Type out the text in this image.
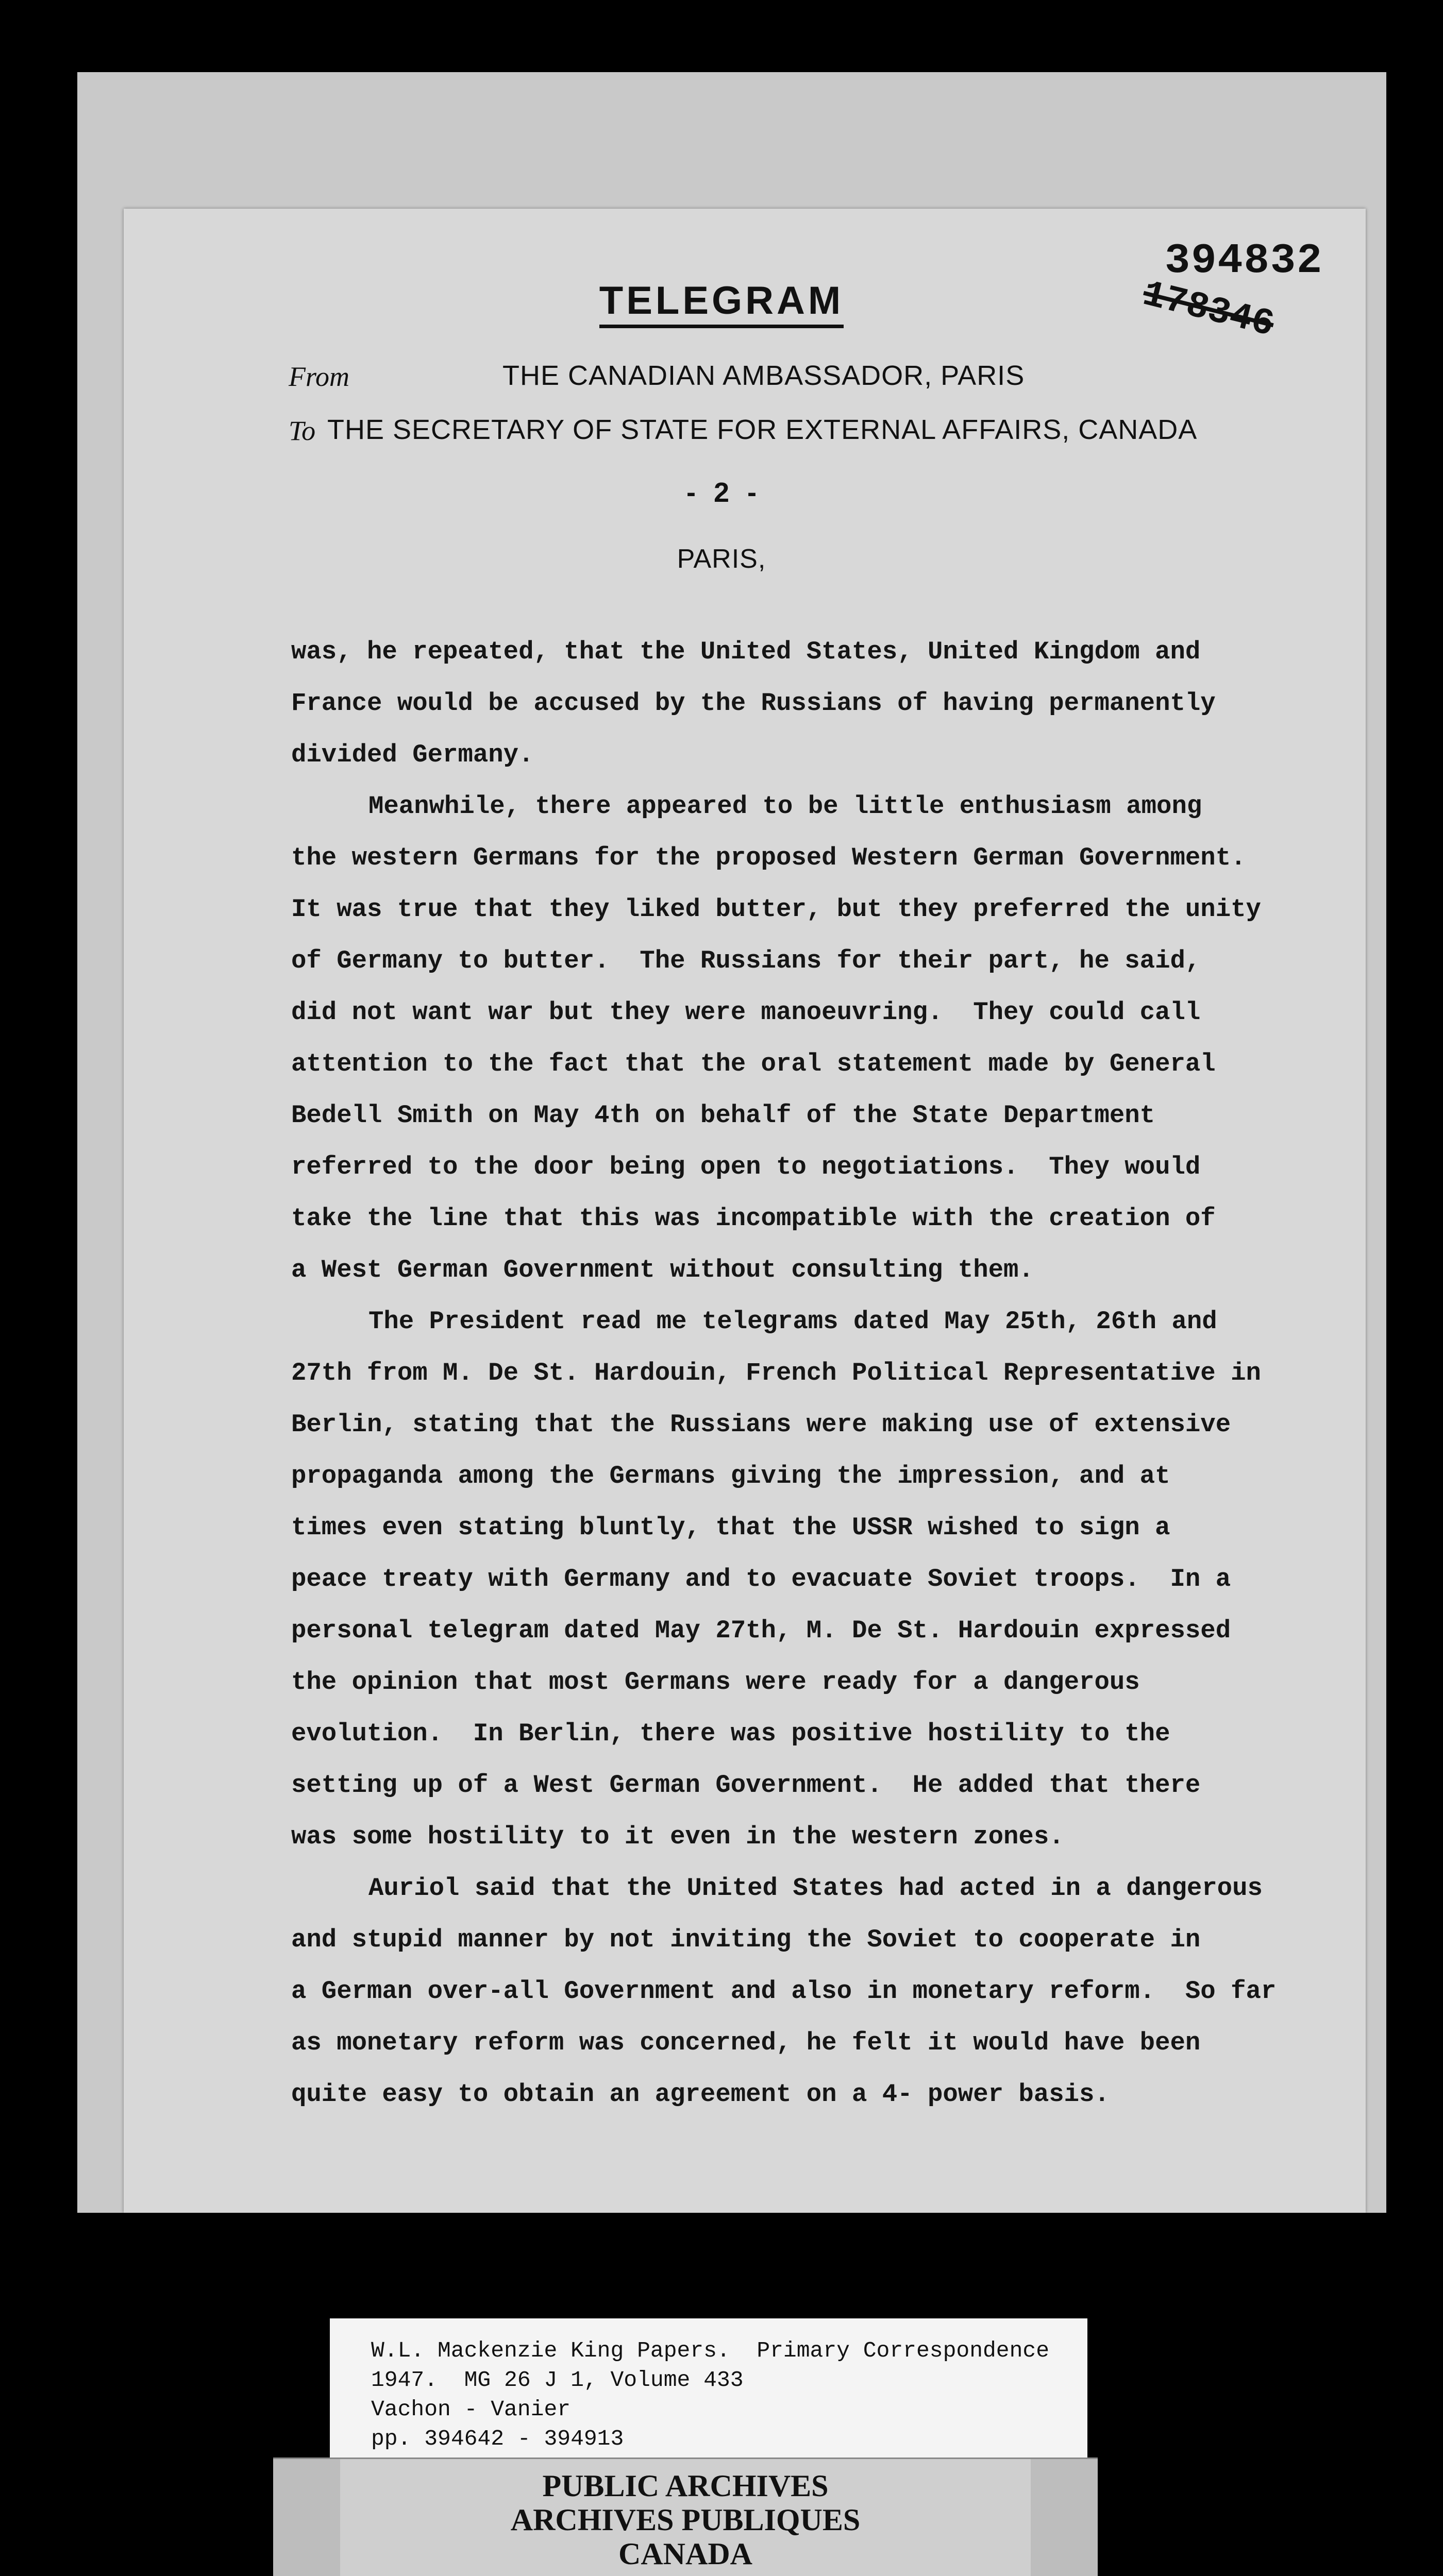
TELEGRAM
394832
178346
From	THE CANADIAN AMBASSADOR, PARIS
To THE SECRETARY OF STATE FOR EXTERNAL AFFAIRS, CANADA
- 2 -
PARIS,
was, he repeated, that the United States, United Kingdom and
France would be accused by the Russians of having permanently
divided Germany.
Meanwhile, there appeared to be little enthusiasm among
the western Germans for the proposed Western German Government.
It was true that they liked butter, but they preferred the unity
of Germany to butter.  The Russians for their part, he said,
did not want war but they were manoeuvring.  They could call
attention to the fact that the oral statement made by General
Bedell Smith on May 4th on behalf of the State Department
referred to the door being open to negotiations.  They would
take the line that this was incompatible with the creation of
a West German Government without consulting them.
The President read me telegrams dated May 25th, 26th and
27th from M. De St. Hardouin, French Political Representative in
Berlin, stating that the Russians were making use of extensive
propaganda among the Germans giving the impression, and at
times even stating bluntly, that the USSR wished to sign a
peace treaty with Germany and to evacuate Soviet troops.  In a
personal telegram dated May 27th, M. De St. Hardouin expressed
the opinion that most Germans were ready for a dangerous
evolution.  In Berlin, there was positive hostility to the
setting up of a West German Government.  He added that there
was some hostility to it even in the western zones.
Auriol said that the United States had acted in a dangerous
and stupid manner by not inviting the Soviet to cooperate in
a German over-all Government and also in monetary reform.  So far
as monetary reform was concerned, he felt it would have been
quite easy to obtain an agreement on a 4- power basis.
W.L. Mackenzie King Papers.  Primary Correspondence
1947.  MG 26 J 1, Volume 433
Vachon - Vanier
pp. 394642 - 394913
PUBLIC ARCHIVES
ARCHIVES PUBLIQUES
CANADA
